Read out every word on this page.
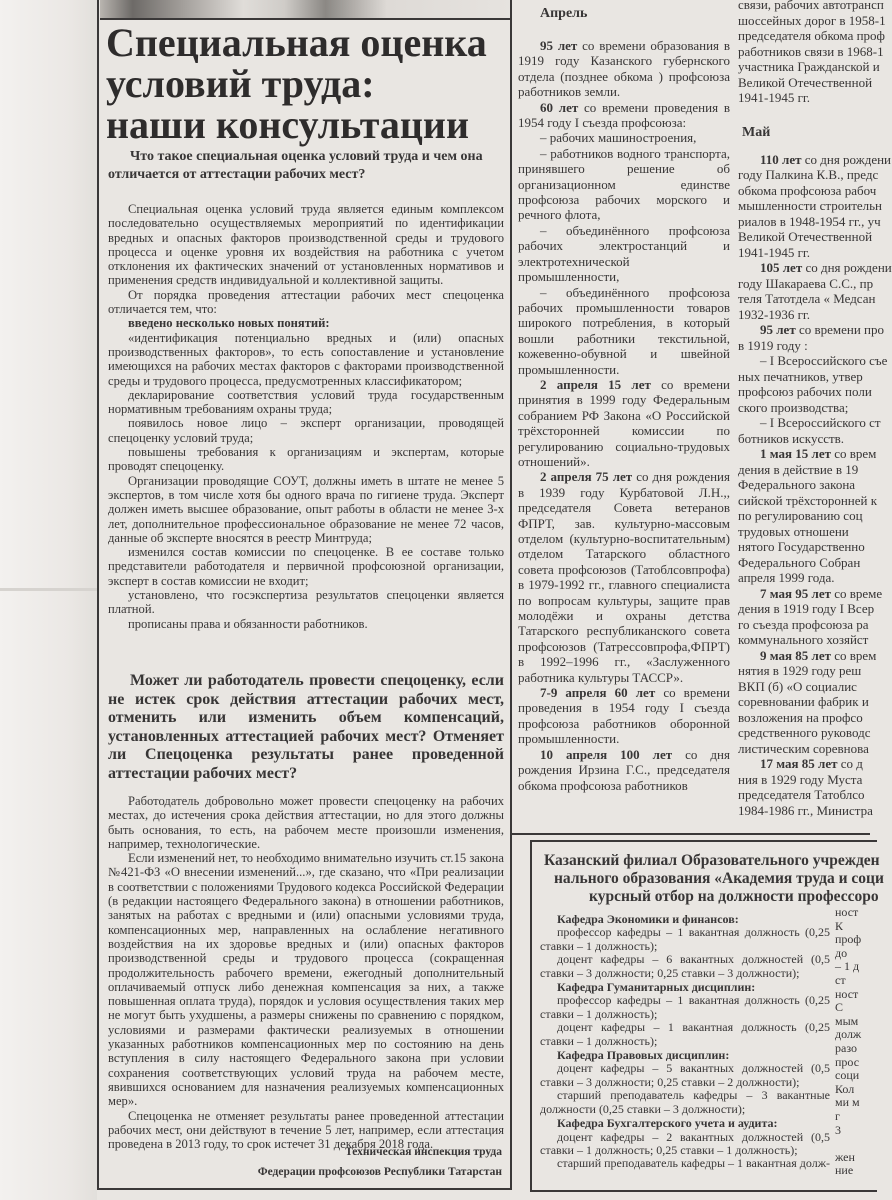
Специальная оценка
условий труда:
наши консультации
Что такое специальная оценка условий труда и чем она отличается от аттестации рабочих мест?

Специальная оценка условий труда является единым комплексом последовательно осуществляемых мероприятий по идентификации вредных и опасных факторов производственной среды и трудового процесса и оценке уровня их воздействия на работника с учетом отклонения их фактических значений от установленных нормативов и применения средств индивидуальной и коллективной защиты.

От порядка проведения аттестации рабочих мест спецоценка отличается тем, что:

введено несколько новых понятий:

«идентификация потенциально вредных и (или) опасных производственных факторов», то есть сопоставление и установление имеющихся на рабочих местах факторов с факторами производственной среды и трудового процесса, предусмотренных классификатором;

декларирование соответствия условий труда государственным нормативным требованиям охраны труда;

появилось новое лицо – эксперт организации, проводящей спецоценку условий труда;

повышены требования к организациям и экспертам, которые проводят спецоценку.

Организации проводящие СОУТ, должны иметь в штате не менее 5 экспертов, в том числе хотя бы одного врача по гигиене труда. Эксперт должен иметь высшее образование, опыт работы в области не менее 3-х лет, дополнительное профессиональное образование не менее 72 часов, данные об эксперте вносятся в реестр Минтруда;

изменился состав комиссии по спецоценке. В ее составе только представители работодателя и первичной профсоюзной организации, эксперт в состав комиссии не входит;

установлено, что госэкспертиза результатов спецоценки является платной.

прописаны права и обязанности работников.

Может ли работодатель провести спецоценку, если не истек срок действия аттестации рабочих мест, отменить или изменить объем компенсаций, установленных аттестацией рабочих мест? Отменяет ли Спецоценка результаты ранее проведенной аттестации рабочих мест?

Работодатель добровольно может провести спецоценку на рабочих местах, до истечения срока действия аттестации, но для этого должны быть основания, то есть, на рабочем месте произошли изменения, например, технологические.

Если изменений нет, то необходимо внимательно изучить ст.15 закона №421-ФЗ «О внесении изменений...», где сказано, что «При реализации в соответствии с положениями Трудового кодекса Российской Федерации (в редакции настоящего Федерального закона) в отношении работников, занятых на работах с вредными и (или) опасными условиями труда, компенсационных мер, направленных на ослабление негативного воздействия на их здоровье вредных и (или) опасных факторов производственной среды и трудового процесса (сокращенная продолжительность рабочего времени, ежегодный дополнительный оплачиваемый отпуск либо денежная компенсация за них, а также повышенная оплата труда), порядок и условия осуществления таких мер не могут быть ухудшены, а размеры снижены по сравнению с порядком, условиями и размерами фактически реализуемых в отношении указанных работников компенсационных мер по состоянию на день вступления в силу настоящего Федерального закона при условии сохранения соответствующих условий труда на рабочем месте, явившихся основанием для назначения реализуемых компенсационных мер».

Спецоценка не отменяет результаты ранее проведенной аттестации рабочих мест, они действуют в течение 5 лет, например, если аттестация проведена в 2013 году, то срок истечет 31 декабря 2018 года.

Техническая инспекция труда
Федерации профсоюзов Республики Татарстан
Апрель

95 лет со времени образования в 1919 году Казанского губернского отдела (позднее обкома ) профсоюза работников земли.

60 лет со времени проведения в 1954 году I съезда профсоюза:

– рабочих машиностроения,

– работников водного транспорта, принявшего решение об организационном единстве профсоюза рабочих морского и речного флота,

– объединённого профсоюза рабочих электростанций и электротехнической промышленности,

– объединённого профсоюза рабочих промышленности товаров широкого потребления, в который вошли работники текстильной, кожевенно-обувной и швейной промышленности.

2 апреля 15 лет со времени принятия в 1999 году Федеральным собранием РФ Закона «О Российской трёхсторонней комиссии по регулированию социально-трудовых отношений».

2 апреля 75 лет со дня рождения в 1939 году Курбатовой Л.Н.,, председателя Совета ветеранов ФПРТ, зав. культурно-массовым отделом (культурно-воспитательным) отделом Татарского областного совета профсоюзов (Татоблсовпрофа) в 1979-1992 гг., главного специалиста по вопросам культуры, защите прав молодёжи и охраны детства Татарского республиканского совета профсоюзов (Татрессовпрофа,ФПРТ) в 1992–1996 гг., «Заслуженного работника культуры ТАССР».

7-9 апреля 60 лет со времени проведения в 1954 году I съезда профсоюза работников оборонной промышленности.

10 апреля 100 лет со дня рождения Ирзина Г.С., председателя обкома профсоюза работников

связи, рабочих автотрансп
шоссейных дорог в 1958-1
председателя обкома проф
работников связи в 1968-1
участника Гражданской и
Великой Отечественной
1941-1945 гг.
Май
110 лет со дня рождени
году Палкина К.В., предс
обкома профсоюза рабоч
мышленности строительн
риалов в 1948-1954 гг., уч
Великой Отечественной
1941-1945 гг.
105 лет со дня рождени
году Шакараева С.С., пр
теля Татотдела « Медсан
1932-1936 гг.
95 лет со времени про
в 1919 году :
– I Всероссийского съе
ных печатников, утвер
профсоюз рабочих поли
ского производства;
– I Всероссийского ст
ботников искусств.
1 мая 15 лет со врем
дения в действие в 19
Федерального закона
сийской трёхсторонней к
по регулированию соц
трудовых отношени
нятого Государственно
Федерального Собран
апреля 1999 года.
7 мая 95 лет со време
дения в 1919 году I Всер
го съезда профсоюза ра
коммунального хозяйст
9 мая 85 лет со врем
нятия в 1929 году реш
ВКП (б) «О социалис
соревновании фабрик и
возложения на профсо
средственного руководс
листическим соревнова
17 мая 85 лет со д
ния в 1929 году Муста
председателя Татоблсо
1984-1986 гг., Министра
Казанский филиал Образовательного учрежден
нального образования «Академия труда и соци
курсный отбор на должности профессоро

Кафедра Экономики и финансов:

профессор кафедры – 1 вакантная должность (0,25 ставки – 1 должность);

доцент кафедры – 6 вакантных должностей (0,5 ставки – 3 должности; 0,25 ставки – 3 должности);

Кафедра Гуманитарных дисциплин:

профессор кафедры – 1 вакантная должность (0,25 ставки – 1 должность);

доцент кафедры – 1 вакантная должность (0,25 ставки – 1 должность);

Кафедра Правовых дисциплин:

доцент кафедры – 5 вакантных должностей (0,5 ставки – 3 должности; 0,25 ставки – 2 должности);

старший преподаватель кафедры – 3 вакантные должности (0,25 ставки – 3 должности);

Кафедра Бухгалтерского учета и аудита:

доцент кафедры – 2 вакантных должностей (0,5 ставки – 1 должность; 0,25 ставки – 1 должность);

старший преподаватель кафедры – 1 вакантная долж-

ност
К
проф
до
– 1 д
ст
ност
С
мым
долж
разо
прос
соци
Кол
ми м
г
3
жен
ние
